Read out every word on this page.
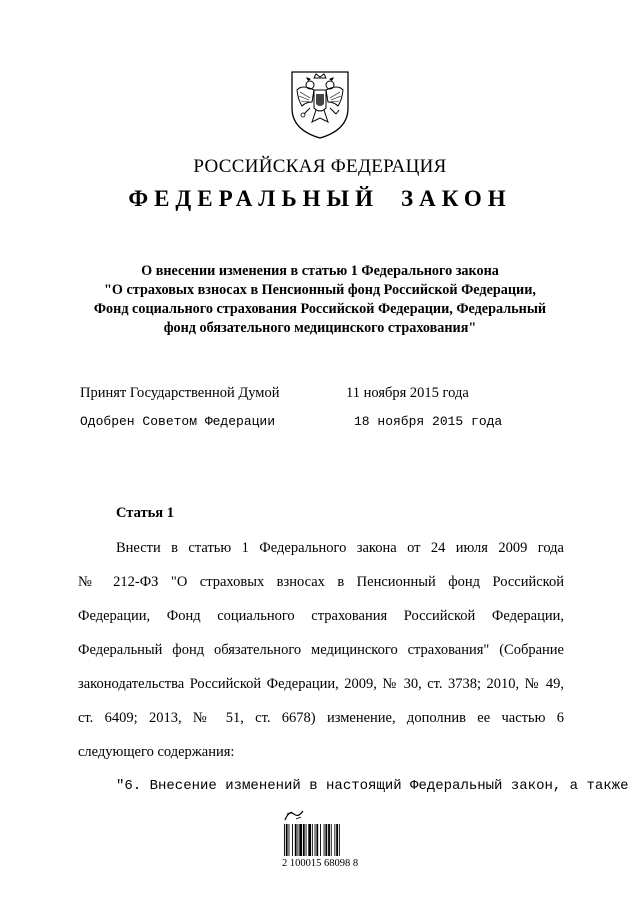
РОССИЙСКАЯ ФЕДЕРАЦИЯ
ФЕДЕРАЛЬНЫЙ ЗАКОН
О внесении изменения в статью 1 Федерального закона
"О страховых взносах в Пенсионный фонд Российской Федерации,
Фонд социального страхования Российской Федерации, Федеральный
фонд обязательного медицинского страхования"
Принят Государственной Думой	11 ноября 2015 года
Одобрен Советом Федерации	18 ноября 2015 года
Статья 1
Внести в статью 1 Федерального закона от 24 июля 2009 года
№ 212-ФЗ "О страховых взносах в Пенсионный фонд Российской
Федерации, Фонд социального страхования Российской Федерации,
Федеральный фонд обязательного медицинского страхования" (Собрание
законодательства Российской Федерации, 2009, № 30, ст. 3738; 2010, № 49,
ст. 6409; 2013, № 51, ст. 6678) изменение, дополнив ее частью 6
следующего содержания:
"6. Внесение изменений в настоящий Федеральный закон, а также
2 100015 68098 8
